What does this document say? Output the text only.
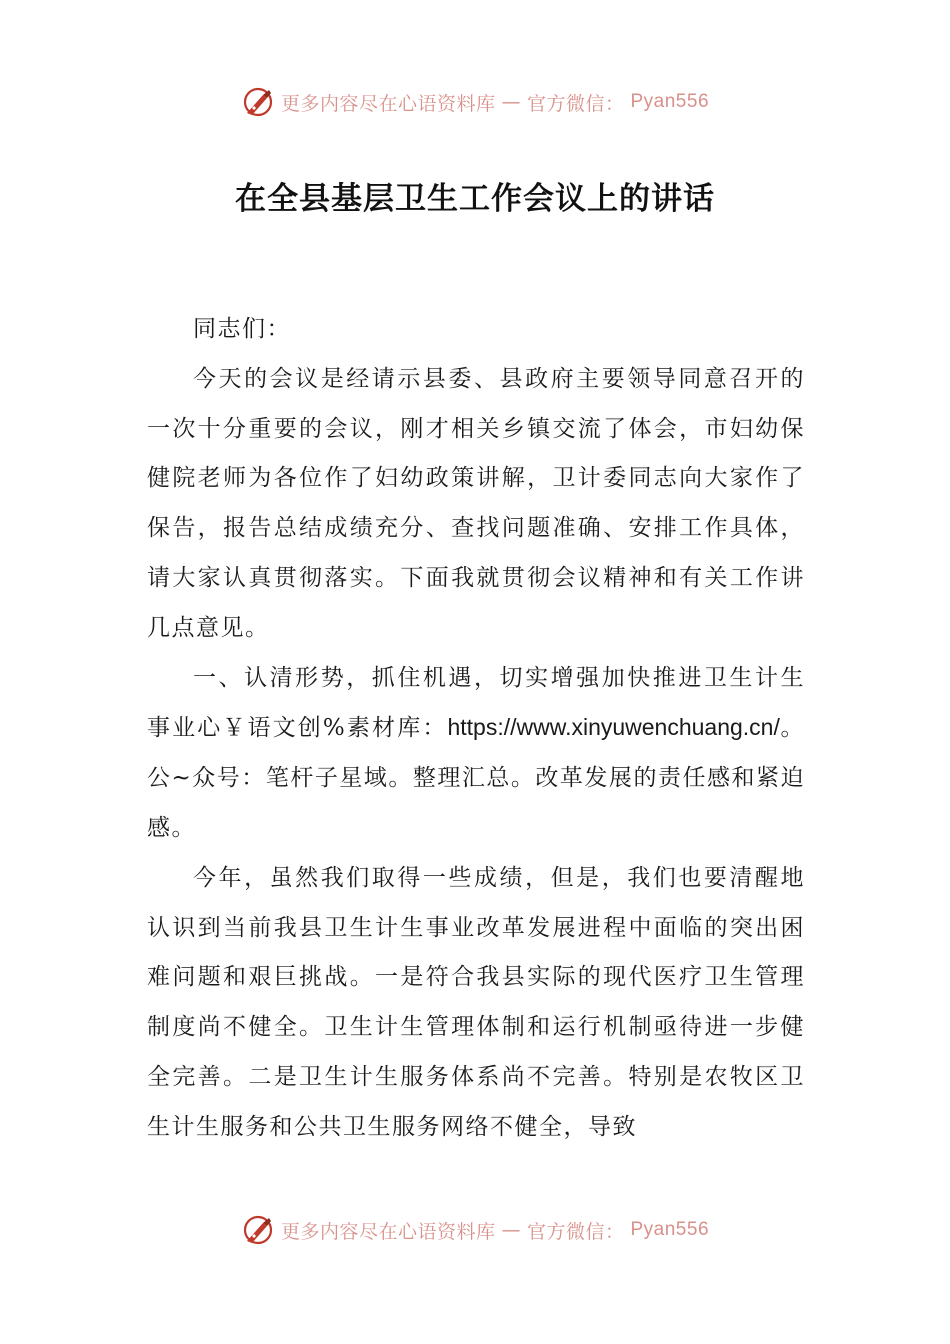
更多内容尽在心语资料库 — 官方微信： Pyan556
在全县基层卫生工作会议上的讲话

同志们：

今天的会议是经请示县委、县政府主要领导同意召开的一次十分重要的会议，刚才相关乡镇交流了体会，市妇幼保健院老师为各位作了妇幼政策讲解，卫计委同志向大家作了保告，报告总结成绩充分、查找问题准确、安排工作具体，请大家认真贯彻落实。下面我就贯彻会议精神和有关工作讲几点意见。

一、认清形势，抓住机遇，切实增强加快推进卫生计生事业心￥语文创%素材库：https://www.xinyuwenchuang.cn/。公~众号：笔杆子星域。整理汇总。改革发展的责任感和紧迫感。

今年，虽然我们取得一些成绩，但是，我们也要清醒地认识到当前我县卫生计生事业改革发展进程中面临的突出困难问题和艰巨挑战。一是符合我县实际的现代医疗卫生管理制度尚不健全。卫生计生管理体制和运行机制亟待进一步健全完善。二是卫生计生服务体系尚不完善。特别是农牧区卫生计生服务和公共卫生服务网络不健全，导致

更多内容尽在心语资料库 — 官方微信： Pyan556
